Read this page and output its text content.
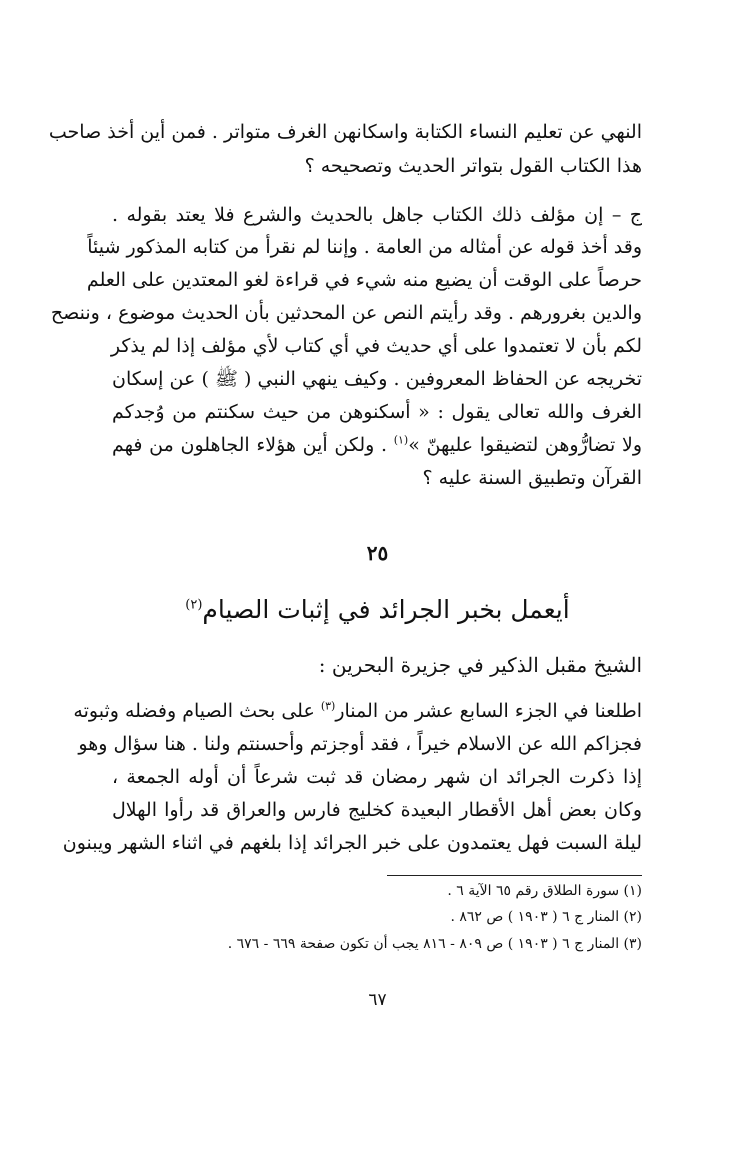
النهي عن تعليم النساء الكتابة واسكانهن الغرف متواتر . فمن أين أخذ صاحب
هذا الكتاب القول بتواتر الحديث وتصحيحه ؟
ج – إن مؤلف ذلك الكتاب جاهل بالحديث والشرع فلا يعتد بقوله .
وقد أخذ قوله عن أمثاله من العامة . وإننا لم نقرأ من كتابه المذكور شيئاً
حرصاً على الوقت أن يضيع منه شيء في قراءة لغو المعتدين على العلم
والدين بغرورهم . وقد رأيتم النص عن المحدثين بأن الحديث موضوع ، وننصح
لكم بأن لا تعتمدوا على أي حديث في أي كتاب لأي مؤلف إذا لم يذكر
تخريجه عن الحفاظ المعروفين . وكيف ينهي النبي ( ﷺ ) عن إسكان
الغرف والله تعالى يقول : « أسكنوهن من حيث سكنتم من وُجدكم
ولا تضارُّوهن لتضيقوا عليهنّ »$^{(١)}$ . ولكن أين هؤلاء الجاهلون من فهم
القرآن وتطبيق السنة عليه ؟
٢٥
أيعمل بخبر الجرائد في إثبات الصيام$^{(٢)}$
الشيخ مقبل الذكير في جزيرة البحرين :
اطلعنا في الجزء السابع عشر من المنار$^{(٣)}$ على بحث الصيام وفضله وثبوته
فجزاكم الله عن الاسلام خيراً ، فقد أوجزتم وأحسنتم ولنا . هنا سؤال وهو
إذا ذكرت الجرائد ان شهر رمضان قد ثبت شرعاً أن أوله الجمعة ،
وكان بعض أهل الأقطار البعيدة كخليج فارس والعراق قد رأوا الهلال
ليلة السبت فهل يعتمدون على خبر الجرائد إذا بلغهم في اثناء الشهر ويبنون
(١) سورة الطلاق رقم ٦٥ الآية ٦ .
(٢) المنار ج ٦ ( ١٩٠٣ ) ص ٨٦٢ .
(٣) المنار ج ٦ ( ١٩٠٣ ) ص ٨٠٩ - ٨١٦ يجب أن تكون صفحة ٦٦٩ - ٦٧٦ .
٦٧
